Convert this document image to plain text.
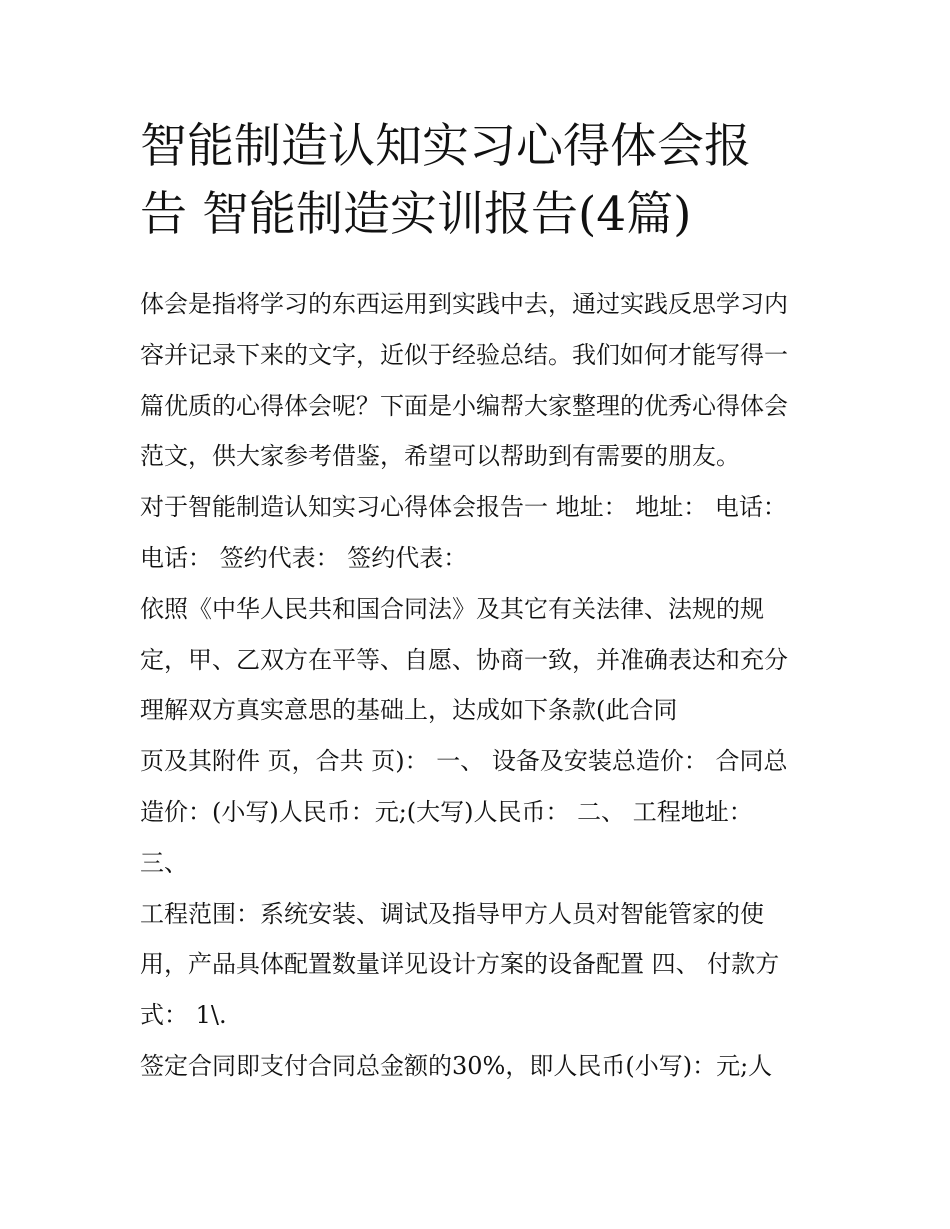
智能制造认知实习心得体会报
告 智能制造实训报告(4篇)

体会是指将学习的东西运用到实践中去，通过实践反思学习内
容并记录下来的文字，近似于经验总结。我们如何才能写得一
篇优质的心得体会呢？下面是小编帮大家整理的优秀心得体会
范文，供大家参考借鉴，希望可以帮助到有需要的朋友。

对于智能制造认知实习心得体会报告一 地址： 地址： 电话：
电话： 签约代表： 签约代表：

依照《中华人民共和国合同法》及其它有关法律、法规的规
定，甲、乙双方在平等、自愿、协商一致，并准确表达和充分
理解双方真实意思的基础上，达成如下条款(此合同

页及其附件 页，合共 页)： 一、 设备及安装总造价： 合同总
造价：(小写)人民币：元;(大写)人民币： 二、 工程地址：
三、

工程范围：系统安装、调试及指导甲方人员对智能管家的使
用，产品具体配置数量详见设计方案的设备配置 四、 付款方
式： 1\.

签定合同即支付合同总金额的30%，即人民币(小写)：元;人
